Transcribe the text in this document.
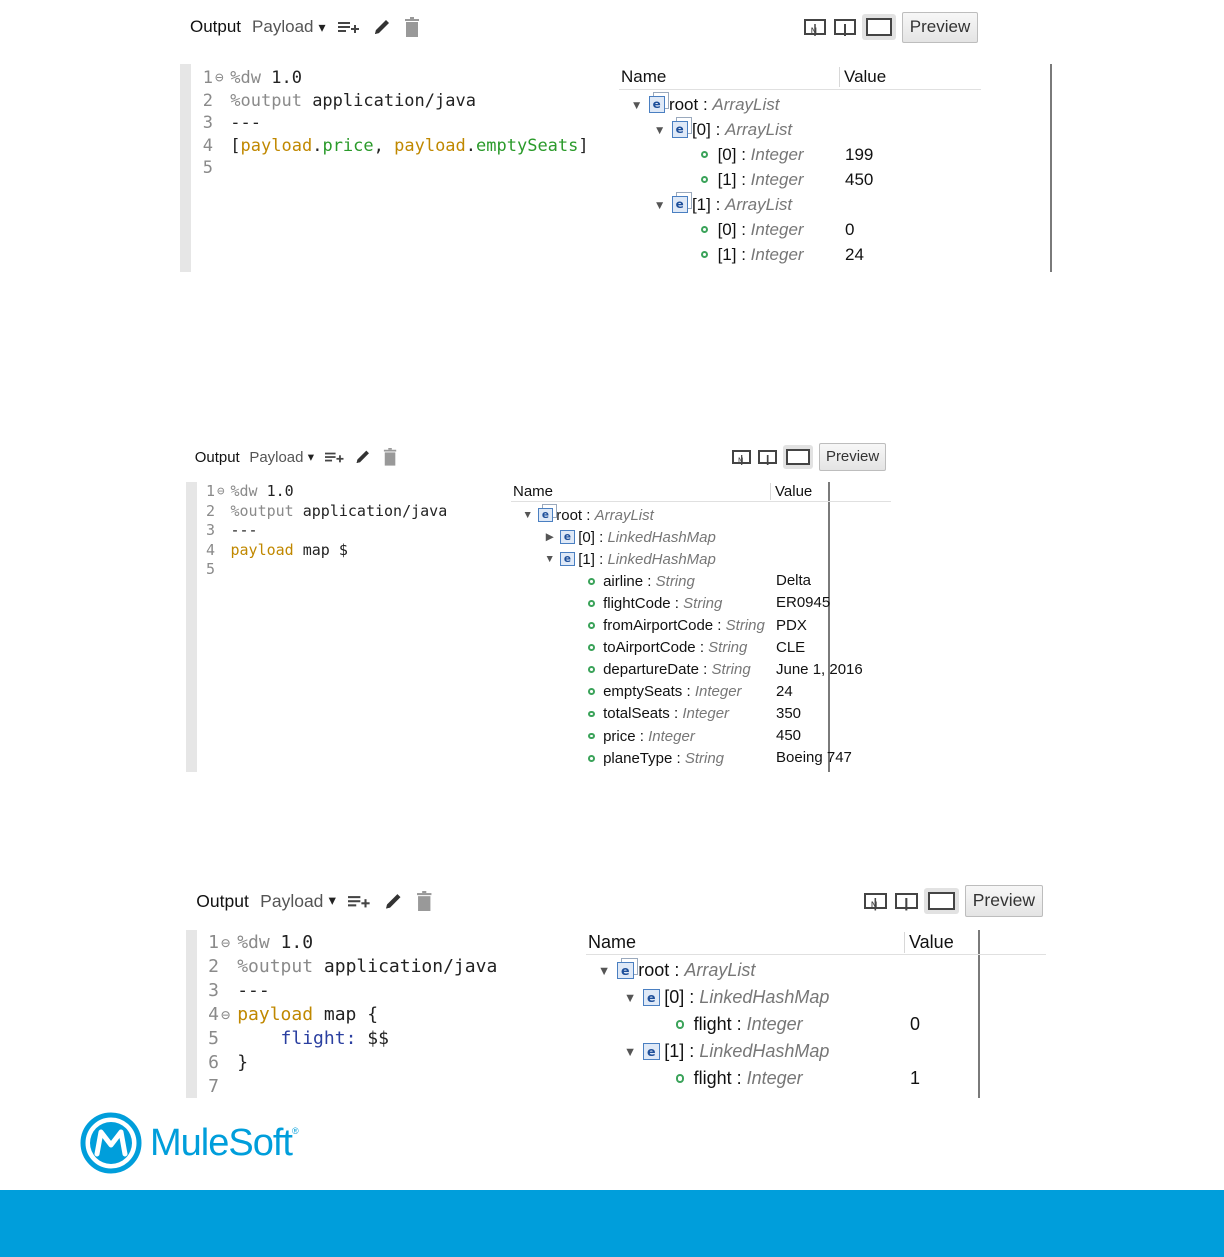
Output Payload ▾	N	Preview
1 ⊖ %dw 1.0
2 %output application/java
3 ---
4 [ payload . price , payload . emptySeats ]
5
Name	Value
▼ e root : ArrayList
▼ e [0] : ArrayList
[0] : Integer 199
[1] : Integer 450
▼ e [1] : ArrayList
[0] : Integer 0
[1] : Integer 24
Output Payload ▾	N	Preview
1 ⊖ %dw 1.0
2 %output application/java
3 ---
4 payload map $
5
Name	Value
▼ e root : ArrayList
▶ e [0] : LinkedHashMap
▼ e [1] : LinkedHashMap
airline : String	Delta
flightCode : String	ER0945
fromAirportCode : String PDX
toAirportCode : String CLE
departureDate : String June 1, 2016
emptySeats : Integer 24
totalSeats : Integer	350
price : Integer	450
planeType : String	Boeing 747
Output Payload ▾	N	Preview
1 ⊖ %dw 1.0
2 %output application/java
3 ---
4 ⊖ payload map {
5 flight : $$
6 }
7
Name	Value
▼ e root : ArrayList
▼ e [0] : LinkedHashMap
flight : Integer	0
▼ e [1] : LinkedHashMap
flight : Integer	1
MuleSoft ®
